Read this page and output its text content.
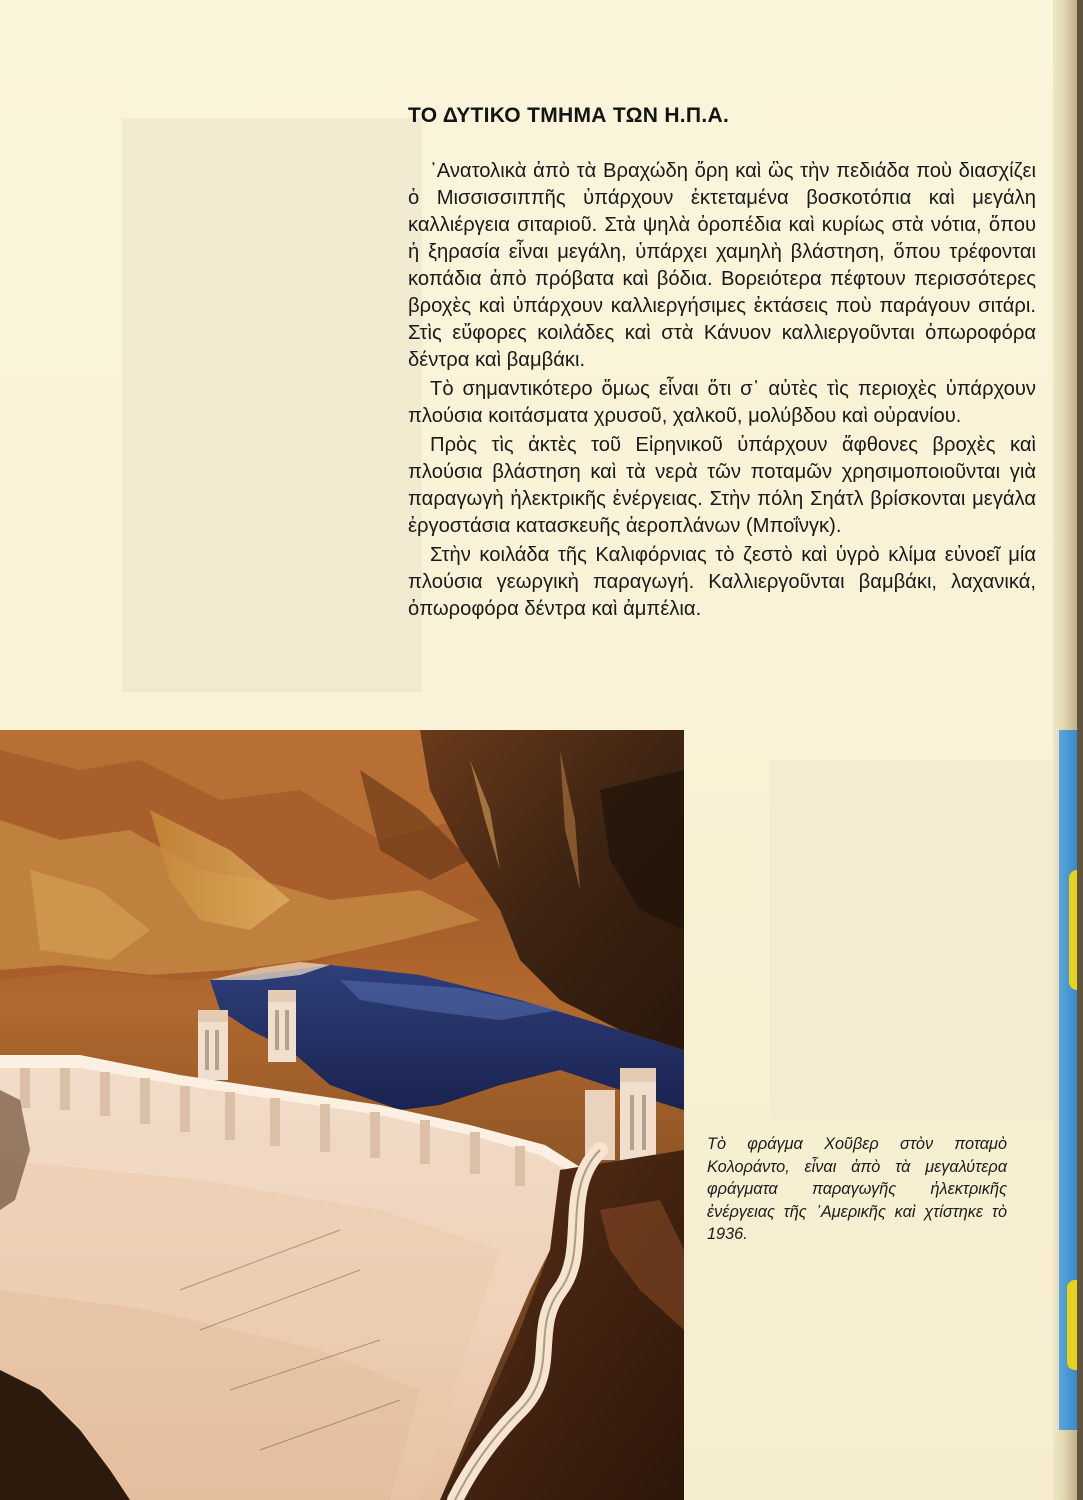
ΤΟ ΔΥΤΙΚΟ ΤΜΗΜΑ ΤΩΝ Η.Π.Α.

᾿Ανατολικὰ ἀπὸ τὰ Βραχώδη ὄρη καὶ ὣς τὴν πεδιάδα ποὺ διασχίζει ὁ Μισσισσιππῆς ὑπάρχουν ἐκτεταμένα βοσκοτόπια καὶ μεγάλη καλλιέργεια σιταριοῦ. Στὰ ψηλὰ ὀροπέδια καὶ κυρίως στὰ νότια, ὅπου ἡ ξηρασία εἶναι μεγάλη, ὑπάρχει χαμηλὴ βλάστηση, ὅπου τρέφονται κοπάδια ἀπὸ πρόβατα καὶ βόδια. Βορειότερα πέφτουν περισσότερες βροχὲς καὶ ὑπάρχουν καλλιεργήσιμες ἐκτάσεις ποὺ παράγουν σιτάρι. Στὶς εὔφορες κοιλάδες καὶ στὰ Κάνυον καλλιεργοῦνται ὀπωροφόρα δέντρα καὶ βαμβάκι.

Τὸ σημαντικότερο ὅμως εἶναι ὅτι σ᾿ αὐτὲς τὶς περιοχὲς ὑπάρχουν πλούσια κοιτάσματα χρυσοῦ, χαλκοῦ, μολύβδου καὶ οὐρανίου.

Πρὸς τὶς ἀκτὲς τοῦ Εἰρηνικοῦ ὑπάρχουν ἄφθονες βροχὲς καὶ πλούσια βλάστηση καὶ τὰ νερὰ τῶν ποταμῶν χρησιμοποιοῦνται γιὰ παραγωγὴ ἠλεκτρικῆς ἐνέργειας. Στὴν πόλη Σηάτλ βρίσκονται μεγάλα ἐργοστάσια κατασκευῆς ἀεροπλάνων (Μποΐνγκ).

Στὴν κοιλάδα τῆς Καλιφόρνιας τὸ ζεστὸ καὶ ὑγρὸ κλίμα εὐνοεῖ μία πλούσια γεωργικὴ παραγωγή. Καλλιεργοῦνται βαμβάκι, λαχανικά, ὀπωροφόρα δέντρα καὶ ἀμπέλια.

Τὸ φράγμα Χοῦβερ στὸν ποταμὸ Κολοράντο, εἶναι ἀπὸ τὰ μεγαλύτερα φράγματα παραγωγῆς ἠλεκτρικῆς ἐνέργειας τῆς ᾿Αμερικῆς καὶ χτίστηκε τὸ 1936.
